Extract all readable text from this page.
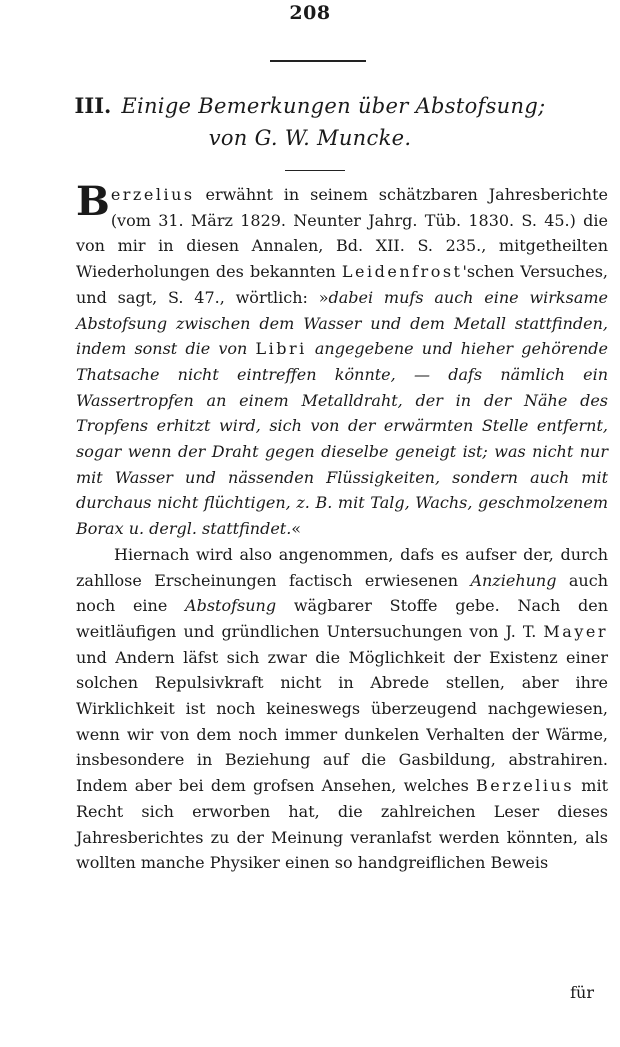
208
III. Einige Bemerkungen über Abstofsung;
von G. W. Muncke.

Berzelius erwähnt in seinem schätzbaren Jahresberichte (vom 31. März 1829. Neunter Jahrg. Tüb. 1830. S. 45.) die von mir in diesen Annalen, Bd. XII. S. 235., mitgetheilten Wiederholungen des bekannten Leidenfrost'schen Versuches, und sagt, S. 47., wörtlich: »dabei mufs auch eine wirksame Abstofsung zwischen dem Wasser und dem Metall stattfinden, indem sonst die von Libri angegebene und hieher gehörende Thatsache nicht eintreffen könnte, — dafs nämlich ein Wassertropfen an einem Metalldraht, der in der Nähe des Tropfens erhitzt wird, sich von der erwärmten Stelle entfernt, sogar wenn der Draht gegen dieselbe geneigt ist; was nicht nur mit Wasser und nässenden Flüssigkeiten, sondern auch mit durchaus nicht flüchtigen, z. B. mit Talg, Wachs, geschmolzenem Borax u. dergl. stattfindet.«

Hiernach wird also angenommen, dafs es aufser der, durch zahllose Erscheinungen factisch erwiesenen Anziehung auch noch eine Abstofsung wägbarer Stoffe gebe. Nach den weitläufigen und gründlichen Untersuchungen von J. T. Mayer und Andern läfst sich zwar die Möglichkeit der Existenz einer solchen Repulsivkraft nicht in Abrede stellen, aber ihre Wirklichkeit ist noch keineswegs überzeugend nachgewiesen, wenn wir von dem noch immer dunkelen Verhalten der Wärme, insbesondere in Beziehung auf die Gasbildung, abstrahiren. Indem aber bei dem grofsen Ansehen, welches Berzelius mit Recht sich erworben hat, die zahlreichen Leser dieses Jahresberichtes zu der Meinung veranlafst werden könnten, als wollten manche Physiker einen so handgreiflichen Beweis

für
